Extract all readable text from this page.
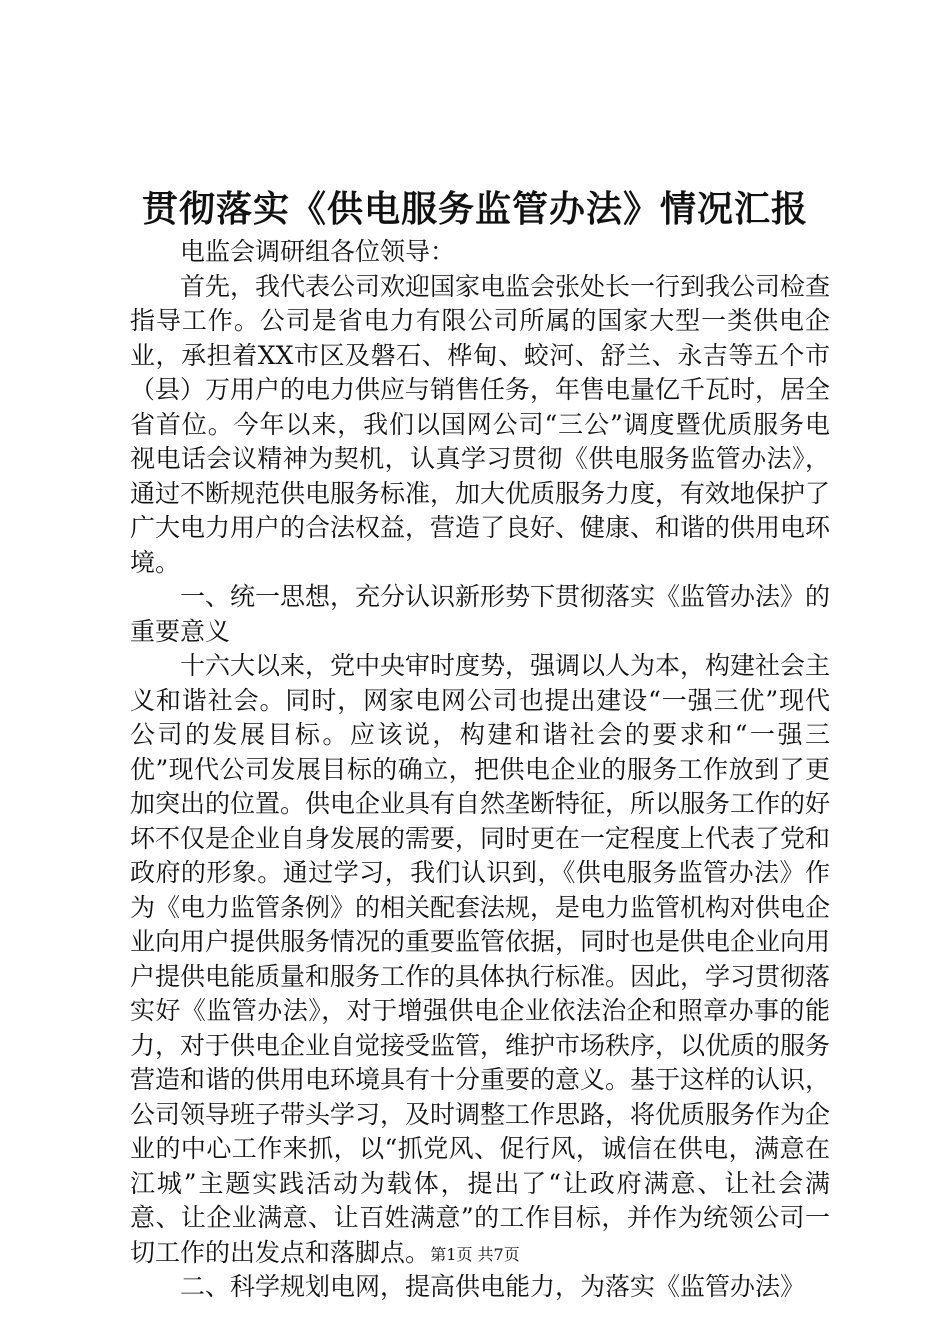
贯彻落实《供电服务监管办法》情况汇报

电监会调研组各位领导：

首先，我代表公司欢迎国家电监会张处长一行到我公司检查指导工作。公司是省电力有限公司所属的国家大型一类供电企业，承担着XX市区及磐石、桦甸、蛟河、舒兰、永吉等五个市（县）万用户的电力供应与销售任务，年售电量亿千瓦时，居全省首位。今年以来，我们以国网公司“三公”调度暨优质服务电视电话会议精神为契机，认真学习贯彻《供电服务监管办法》，通过不断规范供电服务标准，加大优质服务力度，有效地保护了广大电力用户的合法权益，营造了良好、健康、和谐的供用电环境。

一、统一思想，充分认识新形势下贯彻落实《监管办法》的重要意义

十六大以来，党中央审时度势，强调以人为本，构建社会主义和谐社会。同时，网家电网公司也提出建设“一强三优”现代公司的发展目标。应该说，构建和谐社会的要求和“一强三优”现代公司发展目标的确立，把供电企业的服务工作放到了更加突出的位置。供电企业具有自然垄断特征，所以服务工作的好坏不仅是企业自身发展的需要，同时更在一定程度上代表了党和政府的形象。通过学习，我们认识到，《供电服务监管办法》作为《电力监管条例》的相关配套法规，是电力监管机构对供电企业向用户提供服务情况的重要监管依据，同时也是供电企业向用户提供电能质量和服务工作的具体执行标准。因此，学习贯彻落实好《监管办法》，对于增强供电企业依法治企和照章办事的能力，对于供电企业自觉接受监管，维护市场秩序，以优质的服务营造和谐的供用电环境具有十分重要的意义。基于这样的认识，公司领导班子带头学习，及时调整工作思路，将优质服务作为企业的中心工作来抓，以“抓党风、促行风，诚信在供电，满意在江城”主题实践活动为载体，提出了“让政府满意、让社会满意、让企业满意、让百姓满意”的工作目标，并作为统领公司一切工作的出发点和落脚点。

二、科学规划电网，提高供电能力，为落实《监管办法》

第1页 共7页
